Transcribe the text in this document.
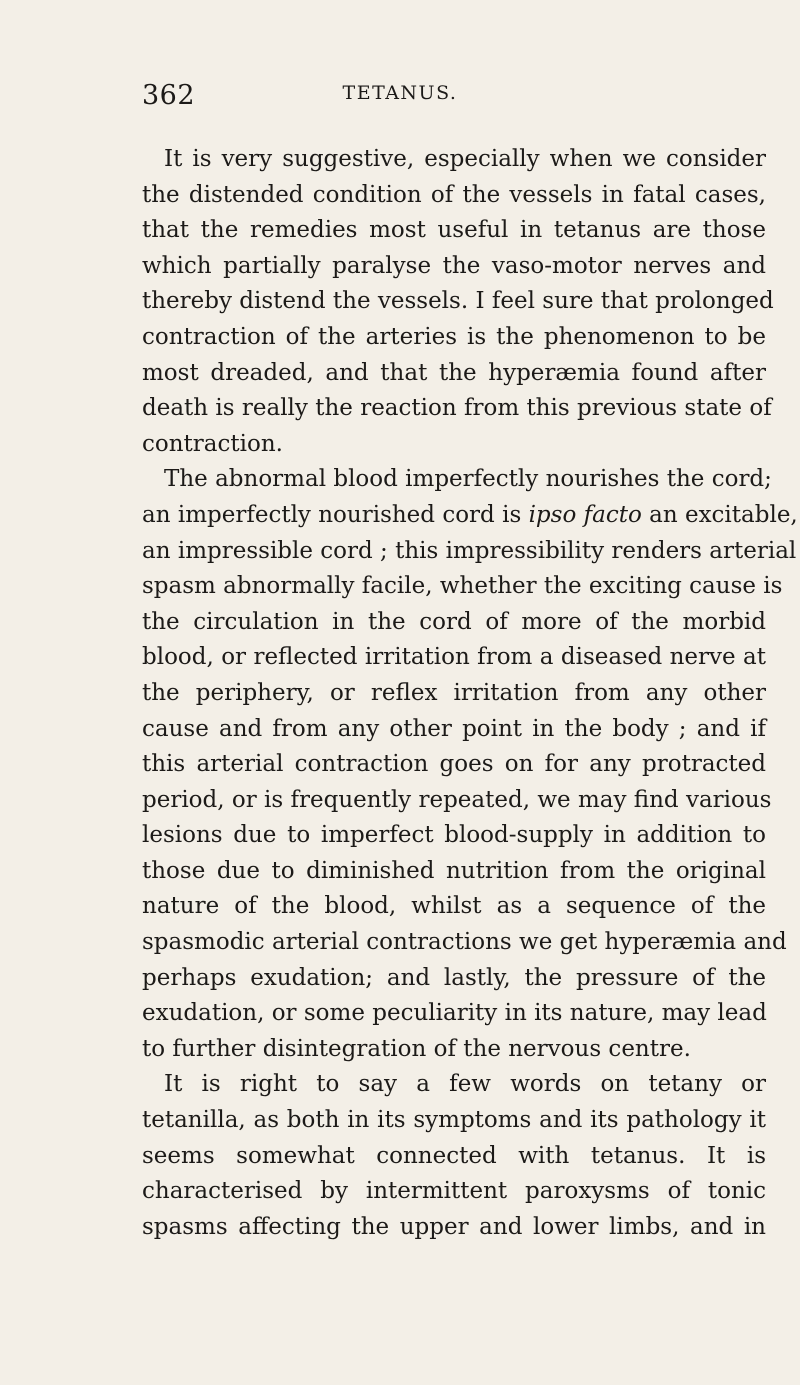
362	TETANUS.
It is very suggestive, especially when we consider
the distended condition of the vessels in fatal cases,
that the remedies most useful in tetanus are those
which partially paralyse the vaso-motor nerves and
thereby distend the vessels. I feel sure that prolonged
contraction of the arteries is the phenomenon to be
most dreaded, and that the hyperæmia found after
death is really the reaction from this previous state of
contraction.
The abnormal blood imperfectly nourishes the cord;
an imperfectly nourished cord is ipso facto an excitable,
an impressible cord ; this impressibility renders arterial
spasm abnormally facile, whether the exciting cause is
the circulation in the cord of more of the morbid
blood, or reflected irritation from a diseased nerve at
the periphery, or reflex irritation from any other
cause and from any other point in the body ; and if
this arterial contraction goes on for any protracted
period, or is frequently repeated, we may find various
lesions due to imperfect blood-supply in addition to
those due to diminished nutrition from the original
nature of the blood, whilst as a sequence of the
spasmodic arterial contractions we get hyperæmia and
perhaps exudation; and lastly, the pressure of the
exudation, or some peculiarity in its nature, may lead
to further disintegration of the nervous centre.
It is right to say a few words on tetany or
tetanilla, as both in its symptoms and its pathology it
seems somewhat connected with tetanus. It is
characterised by intermittent paroxysms of tonic
spasms affecting the upper and lower limbs, and in
